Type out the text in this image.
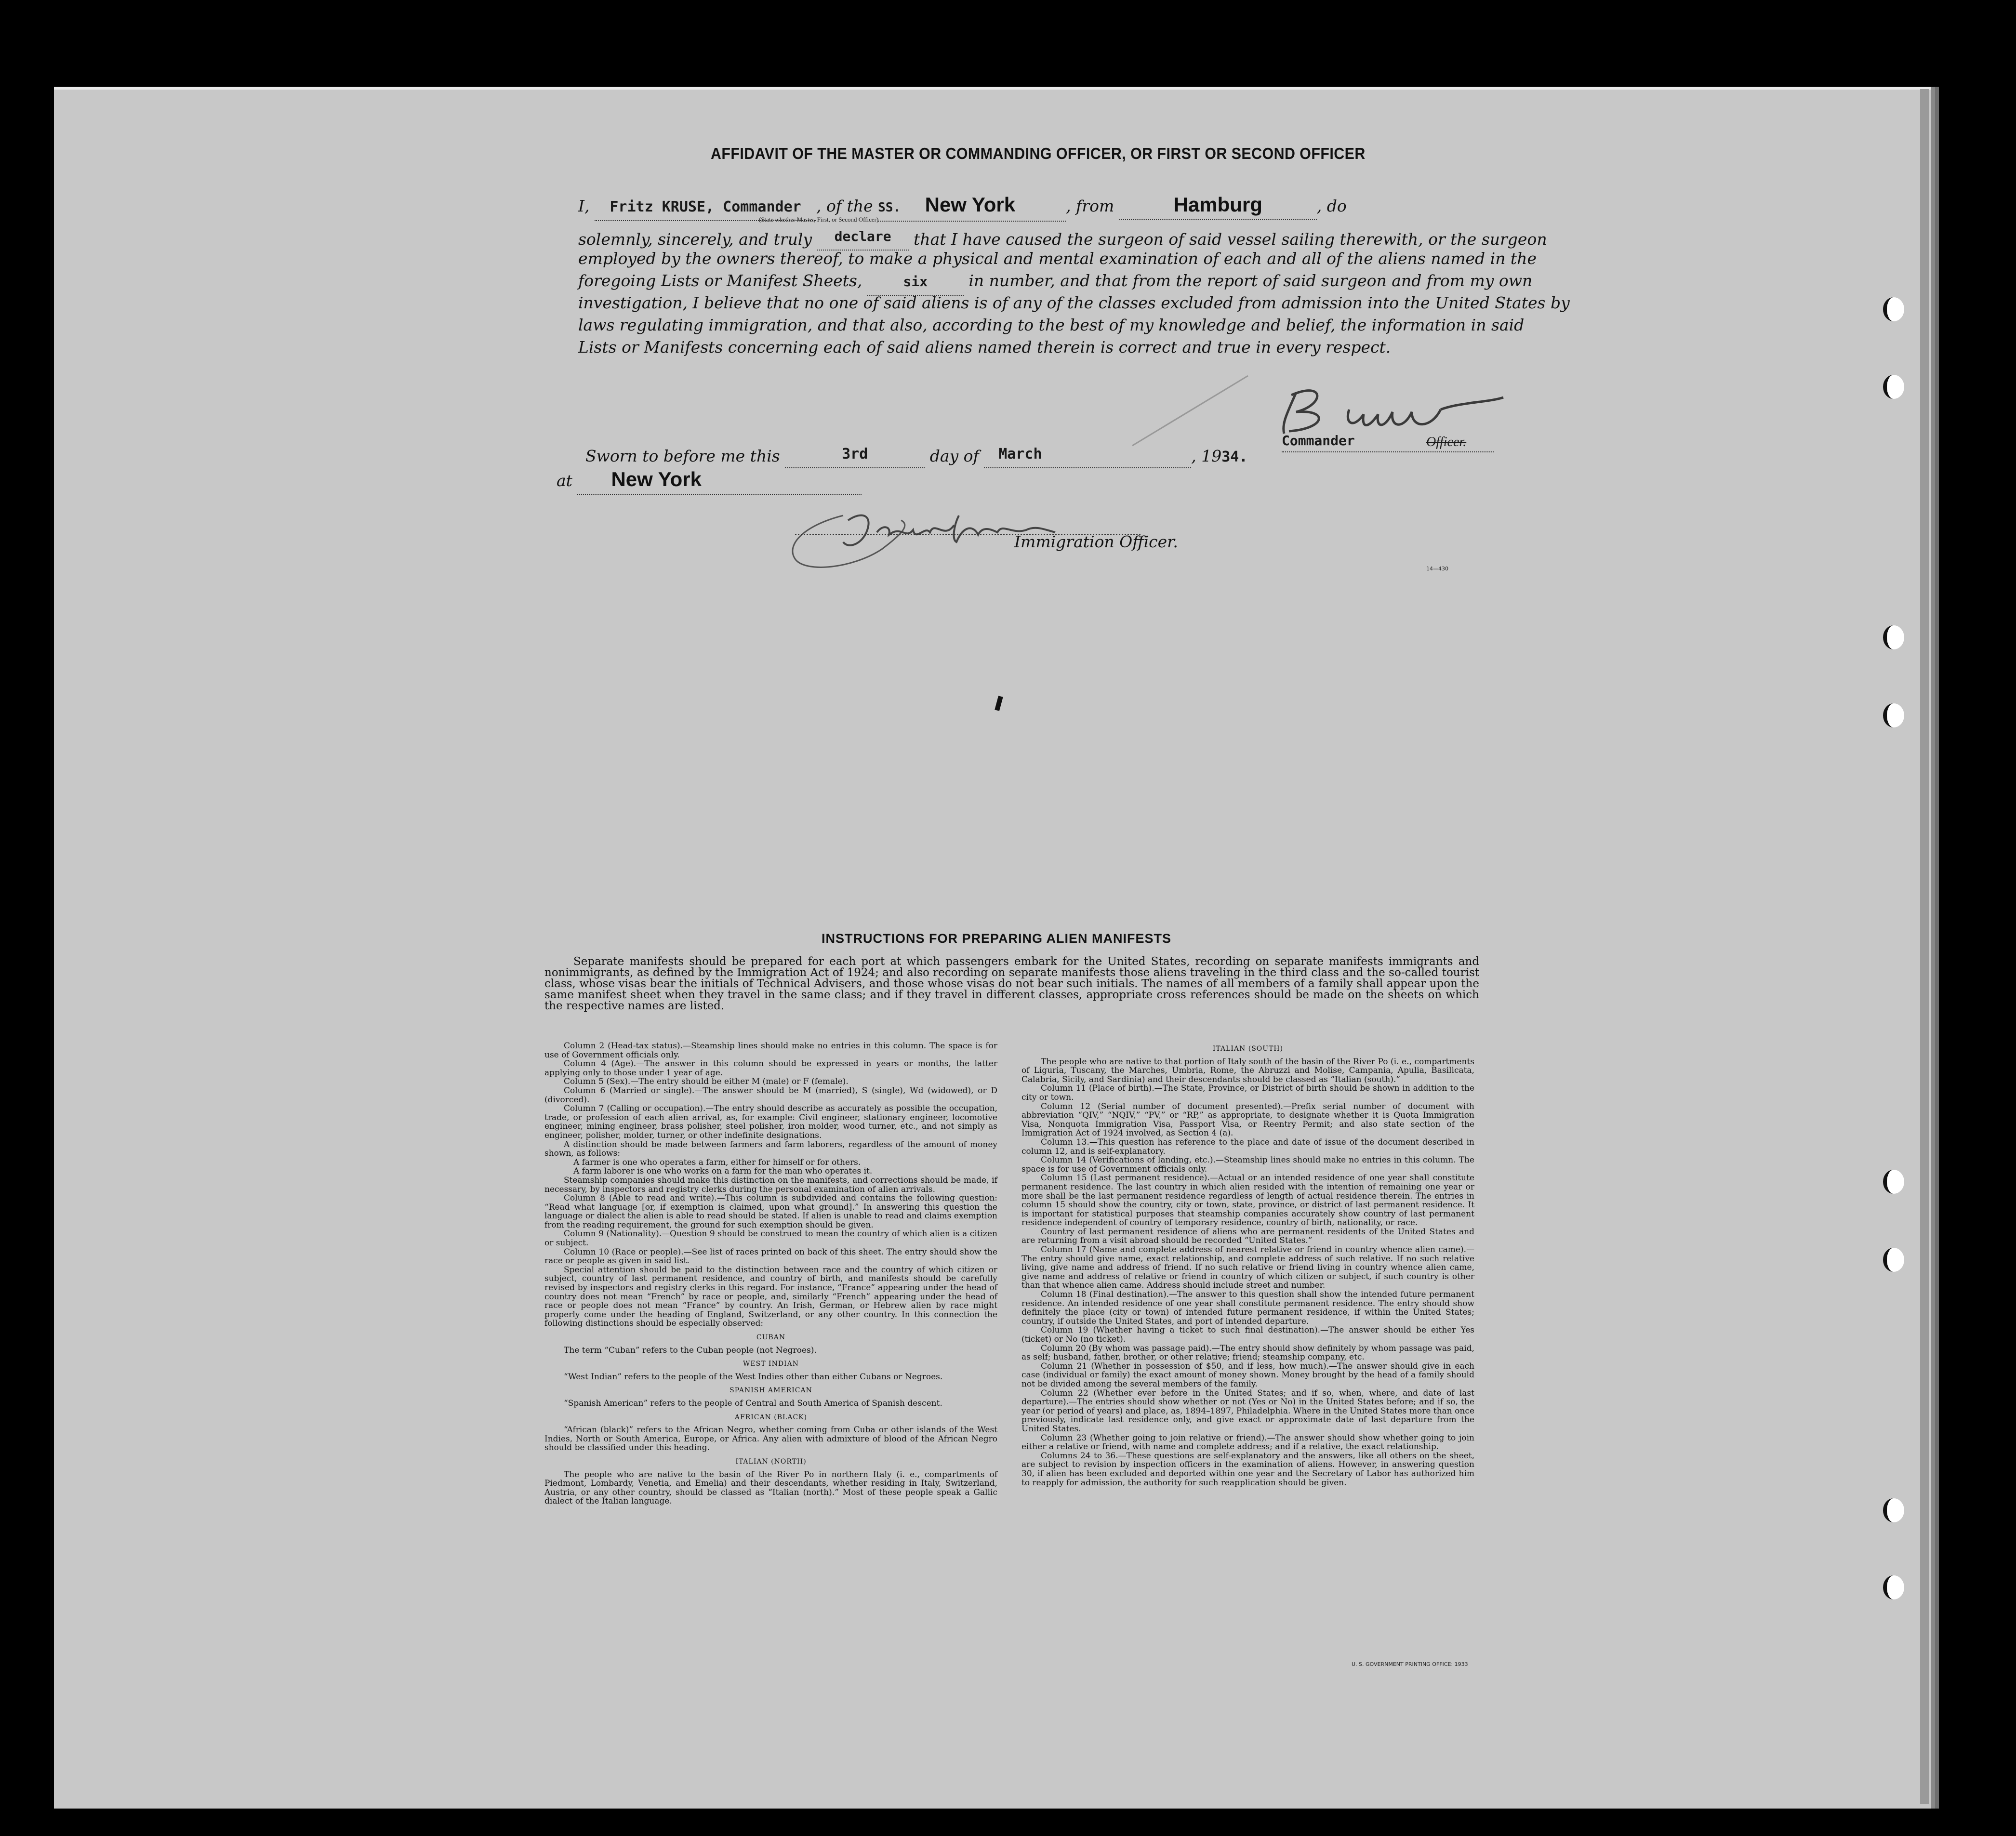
AFFIDAVIT OF THE MASTER OR COMMANDING OFFICER, OR FIRST OR SECOND OFFICER
I, Fritz KRUSE, Commander , of the SS. New York	, from	Hamburg	, do
(State whether Master, First, or Second Officer)
solemnly, sincerely, and truly declare that I have caused the surgeon of said vessel sailing therewith, or the surgeon
employed by the owners thereof, to make a physical and mental examination of each and all of the aliens named in the
foregoing Lists or Manifest Sheets,	six	in number, and that from the report of said surgeon and from my own
investigation, I believe that no one of said aliens is of any of the classes excluded from admission into the United States by
laws regulating immigration, and that also, according to the best of my knowledge and belief, the information in said
Lists or Manifests concerning each of said aliens named therein is correct and true in every respect.
Commander	Officer.
Sworn to before me this	3rd	day of March	, 1934.
at New York
Immigration Officer.
14—430
INSTRUCTIONS FOR PREPARING ALIEN MANIFESTS
Separate manifests should be prepared for each port at which passengers embark for the United States, recording on separate manifests immigrants and nonimmigrants, as defined by the Immigration Act of 1924; and also recording on separate manifests those aliens traveling in the third class and the so-called tourist class, whose visas bear the initials of Technical Advisers, and those whose visas do not bear such initials. The names of all members of a family shall appear upon the same manifest sheet when they travel in the same class; and if they travel in different classes, appropriate cross references should be made on the sheets on which the respective names are listed.

Column 2 (Head-tax status).—Steamship lines should make no entries in this column. The space is for use of Government officials only.

Column 4 (Age).—The answer in this column should be expressed in years or months, the latter applying only to those under 1 year of age.

Column 5 (Sex).—The entry should be either M (male) or F (female).

Column 6 (Married or single).—The answer should be M (married), S (single), Wd (widowed), or D (divorced).

Column 7 (Calling or occupation).—The entry should describe as accurately as possible the occupation, trade, or profession of each alien arrival, as, for example: Civil engineer, stationary engineer, locomotive engineer, mining engineer, brass polisher, steel polisher, iron molder, wood turner, etc., and not simply as engineer, polisher, molder, turner, or other indefinite designations.

A distinction should be made between farmers and farm laborers, regardless of the amount of money shown, as follows:

A farmer is one who operates a farm, either for himself or for others.

A farm laborer is one who works on a farm for the man who operates it.

Steamship companies should make this distinction on the manifests, and corrections should be made, if necessary, by inspectors and registry clerks during the personal examination of alien arrivals.

Column 8 (Able to read and write).—This column is subdivided and contains the following question: “Read what language [or, if exemption is claimed, upon what ground].” In answering this question the language or dialect the alien is able to read should be stated. If alien is unable to read and claims exemption from the reading requirement, the ground for such exemption should be given.

Column 9 (Nationality).—Question 9 should be construed to mean the country of which alien is a citizen or subject.

Column 10 (Race or people).—See list of races printed on back of this sheet. The entry should show the race or people as given in said list.

Special attention should be paid to the distinction between race and the country of which citizen or subject, country of last permanent residence, and country of birth, and manifests should be carefully revised by inspectors and registry clerks in this regard. For instance, “France” appearing under the head of country does not mean “French” by race or people, and, similarly “French” appearing under the head of race or people does not mean “France” by country. An Irish, German, or Hebrew alien by race might properly come under the heading of England, Switzerland, or any other country. In this connection the following distinctions should be especially observed:

CUBAN

The term “Cuban” refers to the Cuban people (not Negroes).

WEST INDIAN

“West Indian” refers to the people of the West Indies other than either Cubans or Negroes.

SPANISH AMERICAN

“Spanish American” refers to the people of Central and South America of Spanish descent.

AFRICAN (BLACK)

“African (black)” refers to the African Negro, whether coming from Cuba or other islands of the West Indies, North or South America, Europe, or Africa. Any alien with admixture of blood of the African Negro should be classified under this heading.

ITALIAN (NORTH)

The people who are native to the basin of the River Po in northern Italy (i. e., compartments of Piedmont, Lombardy, Venetia, and Emelia) and their descendants, whether residing in Italy, Switzerland, Austria, or any other country, should be classed as “Italian (north).” Most of these people speak a Gallic dialect of the Italian language.

ITALIAN (SOUTH)

The people who are native to that portion of Italy south of the basin of the River Po (i. e., compartments of Liguria, Tuscany, the Marches, Umbria, Rome, the Abruzzi and Molise, Campania, Apulia, Basilicata, Calabria, Sicily, and Sardinia) and their descendants should be classed as “Italian (south).”

Column 11 (Place of birth).—The State, Province, or District of birth should be shown in addition to the city or town.

Column 12 (Serial number of document presented).—Prefix serial number of document with abbreviation “QIV,” “NQIV,” “PV,” or “RP,” as appropriate, to designate whether it is Quota Immigration Visa, Nonquota Immigration Visa, Passport Visa, or Reentry Permit; and also state section of the Immigration Act of 1924 involved, as Section 4 (a).

Column 13.—This question has reference to the place and date of issue of the document described in column 12, and is self-explanatory.

Column 14 (Verifications of landing, etc.).—Steamship lines should make no entries in this column. The space is for use of Government officials only.

Column 15 (Last permanent residence).—Actual or an intended residence of one year shall constitute permanent residence. The last country in which alien resided with the intention of remaining one year or more shall be the last permanent residence regardless of length of actual residence therein. The entries in column 15 should show the country, city or town, state, province, or district of last permanent residence. It is important for statistical purposes that steamship companies accurately show country of last permanent residence independent of country of temporary residence, country of birth, nationality, or race.

Country of last permanent residence of aliens who are permanent residents of the United States and are returning from a visit abroad should be recorded “United States.”

Column 17 (Name and complete address of nearest relative or friend in country whence alien came).—The entry should give name, exact relationship, and complete address of such relative. If no such relative living, give name and address of friend. If no such relative or friend living in country whence alien came, give name and address of relative or friend in country of which citizen or subject, if such country is other than that whence alien came. Address should include street and number.

Column 18 (Final destination).—The answer to this question shall show the intended future permanent residence. An intended residence of one year shall constitute permanent residence. The entry should show definitely the place (city or town) of intended future permanent residence, if within the United States; country, if outside the United States, and port of intended departure.

Column 19 (Whether having a ticket to such final destination).—The answer should be either Yes (ticket) or No (no ticket).

Column 20 (By whom was passage paid).—The entry should show definitely by whom passage was paid, as self; husband, father, brother, or other relative; friend; steamship company, etc.

Column 21 (Whether in possession of $50, and if less, how much).—The answer should give in each case (individual or family) the exact amount of money shown. Money brought by the head of a family should not be divided among the several members of the family.

Column 22 (Whether ever before in the United States; and if so, when, where, and date of last departure).—The entries should show whether or not (Yes or No) in the United States before; and if so, the year (or period of years) and place, as, 1894–1897, Philadelphia. Where in the United States more than once previously, indicate last residence only, and give exact or approximate date of last departure from the United States.

Column 23 (Whether going to join relative or friend).—The answer should show whether going to join either a relative or friend, with name and complete address; and if a relative, the exact relationship.

Columns 24 to 36.—These questions are self-explanatory and the answers, like all others on the sheet, are subject to revision by inspection officers in the examination of aliens. However, in answering question 30, if alien has been excluded and deported within one year and the Secretary of Labor has authorized him to reapply for admission, the authority for such reapplication should be given.

U. S. GOVERNMENT PRINTING OFFICE: 1933
